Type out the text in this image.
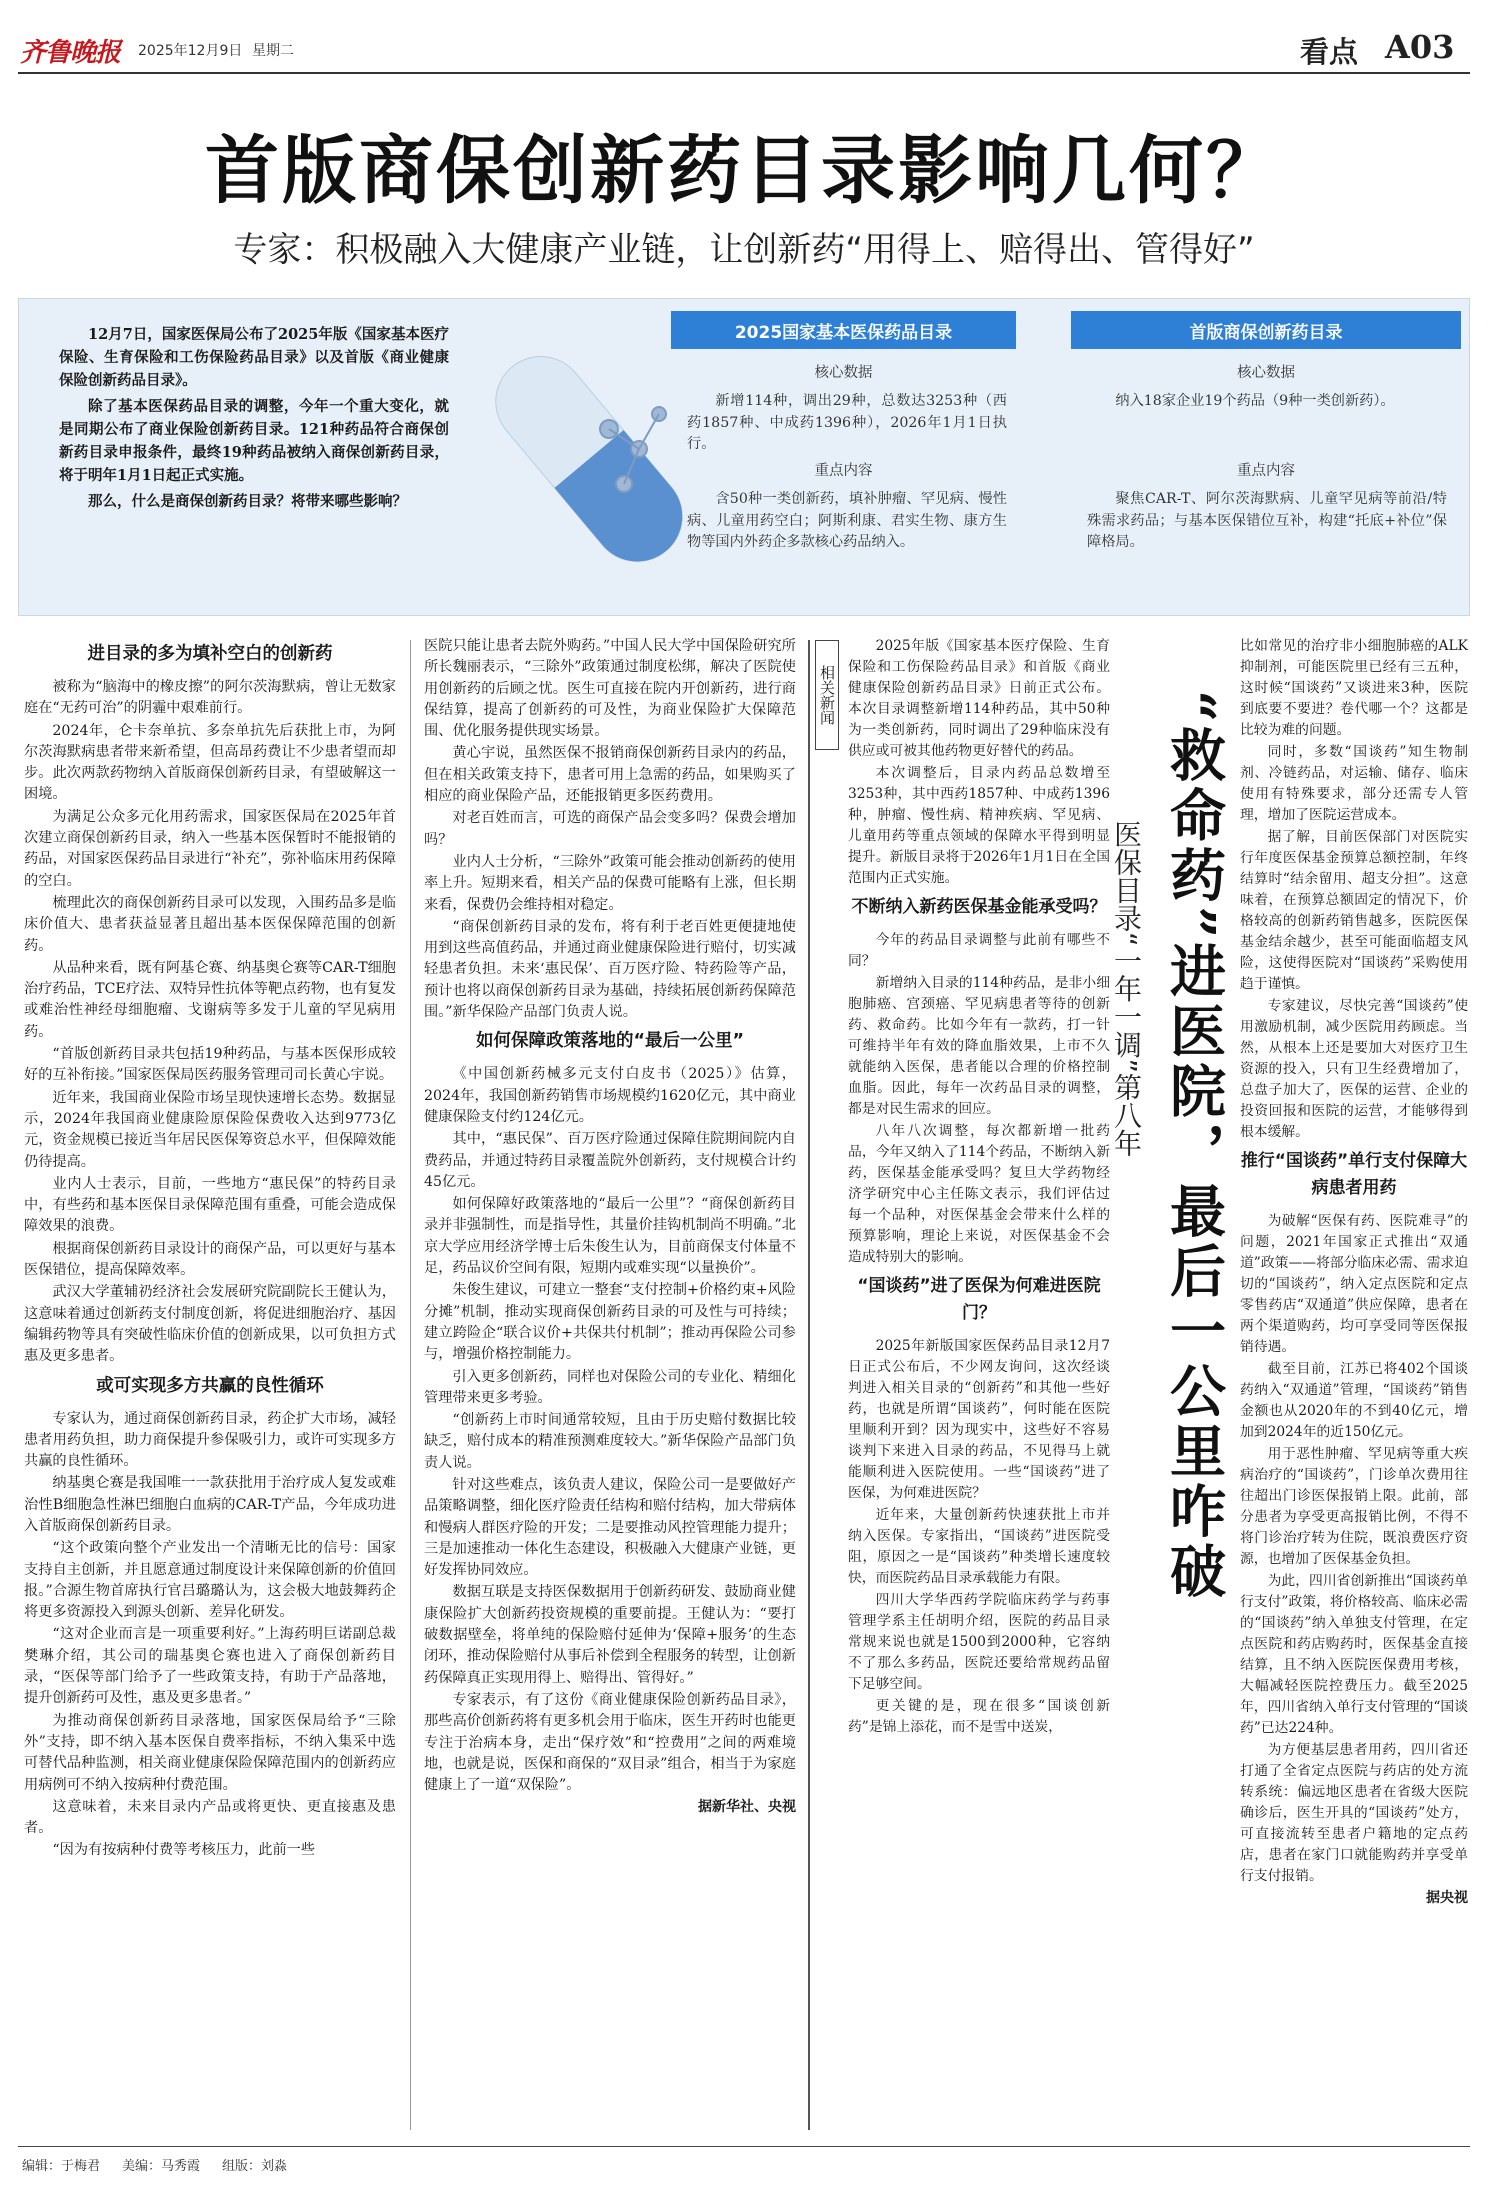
齐鲁晚报 2025年12月9日 星期二	看点 A03
首版商保创新药目录影响几何？
专家：积极融入大健康产业链，让创新药“用得上、赔得出、管得好”

12月7日，国家医保局公布了2025年版《国家基本医疗保险、生育保险和工伤保险药品目录》以及首版《商业健康保险创新药品目录》。

除了基本医保药品目录的调整，今年一个重大变化，就是同期公布了商业保险创新药目录。121种药品符合商保创新药目录申报条件，最终19种药品被纳入商保创新药目录，将于明年1月1日起正式实施。

那么，什么是商保创新药目录？将带来哪些影响？

2025国家基本医保药品目录
核心数据
新增114种，调出29种，总数达3253种（西药1857种、中成药1396种），2026年1月1日执行。
重点内容
含50种一类创新药，填补肿瘤、罕见病、慢性病、儿童用药空白；阿斯利康、君实生物、康方生物等国内外药企多款核心药品纳入。
首版商保创新药目录
核心数据
纳入18家企业19个药品（9种一类创新药）。
重点内容
聚焦CAR-T、阿尔茨海默病、儿童罕见病等前沿/特殊需求药品；与基本医保错位互补，构建“托底+补位”保障格局。
进目录的多为填补空白的创新药

被称为“脑海中的橡皮擦”的阿尔茨海默病，曾让无数家庭在“无药可治”的阴霾中艰难前行。

2024年，仑卡奈单抗、多奈单抗先后获批上市，为阿尔茨海默病患者带来新希望，但高昂药费让不少患者望而却步。此次两款药物纳入首版商保创新药目录，有望破解这一困境。

为满足公众多元化用药需求，国家医保局在2025年首次建立商保创新药目录，纳入一些基本医保暂时不能报销的药品，对国家医保药品目录进行“补充”，弥补临床用药保障的空白。

梳理此次的商保创新药目录可以发现，入围药品多是临床价值大、患者获益显著且超出基本医保保障范围的创新药。

从品种来看，既有阿基仑赛、纳基奥仑赛等CAR-T细胞治疗药品，TCE疗法、双特异性抗体等靶点药物，也有复发或难治性神经母细胞瘤、戈谢病等多发于儿童的罕见病用药。

“首版创新药目录共包括19种药品，与基本医保形成较好的互补衔接。”国家医保局医药服务管理司司长黄心宇说。

近年来，我国商业保险市场呈现快速增长态势。数据显示，2024年我国商业健康险原保险保费收入达到9773亿元，资金规模已接近当年居民医保筹资总水平，但保障效能仍待提高。

业内人士表示，目前，一些地方“惠民保”的特药目录中，有些药和基本医保目录保障范围有重叠，可能会造成保障效果的浪费。

根据商保创新药目录设计的商保产品，可以更好与基本医保错位，提高保障效率。

武汉大学董辅礽经济社会发展研究院副院长王健认为，这意味着通过创新药支付制度创新，将促进细胞治疗、基因编辑药物等具有突破性临床价值的创新成果，以可负担方式惠及更多患者。

或可实现多方共赢的良性循环

专家认为，通过商保创新药目录，药企扩大市场，减轻患者用药负担，助力商保提升参保吸引力，或许可实现多方共赢的良性循环。

纳基奥仑赛是我国唯一一款获批用于治疗成人复发或难治性B细胞急性淋巴细胞白血病的CAR-T产品，今年成功进入首版商保创新药目录。

“这个政策向整个产业发出一个清晰无比的信号：国家支持自主创新，并且愿意通过制度设计来保障创新的价值回报。”合源生物首席执行官吕璐璐认为，这会极大地鼓舞药企将更多资源投入到源头创新、差异化研发。

“这对企业而言是一项重要利好。”上海药明巨诺副总裁樊琳介绍，其公司的瑞基奥仑赛也进入了商保创新药目录，“医保等部门给予了一些政策支持，有助于产品落地，提升创新药可及性，惠及更多患者。”

为推动商保创新药目录落地，国家医保局给予“三除外”支持，即不纳入基本医保自费率指标，不纳入集采中选可替代品种监测，相关商业健康保险保障范围内的创新药应用病例可不纳入按病种付费范围。

这意味着，未来目录内产品或将更快、更直接惠及患者。

“因为有按病种付费等考核压力，此前一些

医院只能让患者去院外购药。”中国人民大学中国保险研究所所长魏丽表示，“三除外”政策通过制度松绑，解决了医院使用创新药的后顾之忧。医生可直接在院内开创新药，进行商保结算，提高了创新药的可及性，为商业保险扩大保障范围、优化服务提供现实场景。

黄心宇说，虽然医保不报销商保创新药目录内的药品，但在相关政策支持下，患者可用上急需的药品，如果购买了相应的商业保险产品，还能报销更多医药费用。

对老百姓而言，可选的商保产品会变多吗？保费会增加吗？

业内人士分析，“三除外”政策可能会推动创新药的使用率上升。短期来看，相关产品的保费可能略有上涨，但长期来看，保费仍会维持相对稳定。

“商保创新药目录的发布，将有利于老百姓更便捷地使用到这些高值药品，并通过商业健康保险进行赔付，切实减轻患者负担。未来‘惠民保’、百万医疗险、特药险等产品，预计也将以商保创新药目录为基础，持续拓展创新药保障范围。”新华保险产品部门负责人说。

如何保障政策落地的“最后一公里”

《中国创新药械多元支付白皮书（2025）》估算，2024年，我国创新药销售市场规模约1620亿元，其中商业健康保险支付约124亿元。

其中，“惠民保”、百万医疗险通过保障住院期间院内自费药品，并通过特药目录覆盖院外创新药，支付规模合计约45亿元。

如何保障好政策落地的“最后一公里”？“商保创新药目录并非强制性，而是指导性，其量价挂钩机制尚不明确。”北京大学应用经济学博士后朱俊生认为，目前商保支付体量不足，药品议价空间有限，短期内或难实现“以量换价”。

朱俊生建议，可建立一整套“支付控制+价格约束+风险分摊”机制，推动实现商保创新药目录的可及性与可持续；建立跨险企“联合议价+共保共付机制”；推动再保险公司参与，增强价格控制能力。

引入更多创新药，同样也对保险公司的专业化、精细化管理带来更多考验。

“创新药上市时间通常较短，且由于历史赔付数据比较缺乏，赔付成本的精准预测难度较大。”新华保险产品部门负责人说。

针对这些难点，该负责人建议，保险公司一是要做好产品策略调整，细化医疗险责任结构和赔付结构，加大带病体和慢病人群医疗险的开发；二是要推动风控管理能力提升；三是加速推动一体化生态建设，积极融入大健康产业链，更好发挥协同效应。

数据互联是支持医保数据用于创新药研发、鼓励商业健康保险扩大创新药投资规模的重要前提。王健认为：“要打破数据壁垒，将单纯的保险赔付延伸为‘保障+服务’的生态闭环，推动保险赔付从事后补偿到全程服务的转型，让创新药保障真正实现用得上、赔得出、管得好。”

专家表示，有了这份《商业健康保险创新药品目录》，那些高价创新药将有更多机会用于临床，医生开药时也能更专注于治病本身，走出“保疗效”和“控费用”之间的两难境地，也就是说，医保和商保的“双目录”组合，相当于为家庭健康上了一道“双保险”。

据新华社、央视
相关新闻

2025年版《国家基本医疗保险、生育保险和工伤保险药品目录》和首版《商业健康保险创新药品目录》日前正式公布。本次目录调整新增114种药品，其中50种为一类创新药，同时调出了29种临床没有供应或可被其他药物更好替代的药品。

本次调整后，目录内药品总数增至3253种，其中西药1857种、中成药1396种，肿瘤、慢性病、精神疾病、罕见病、儿童用药等重点领域的保障水平得到明显提升。新版目录将于2026年1月1日在全国范围内正式实施。

不断纳入新药医保基金能承受吗？

今年的药品目录调整与此前有哪些不同？

新增纳入目录的114种药品，是非小细胞肺癌、宫颈癌、罕见病患者等待的创新药、救命药。比如今年有一款药，打一针可维持半年有效的降血脂效果，上市不久就能纳入医保，患者能以合理的价格控制血脂。因此，每年一次药品目录的调整，都是对民生需求的回应。

八年八次调整，每次都新增一批药品，今年又纳入了114个药品，不断纳入新药，医保基金能承受吗？复旦大学药物经济学研究中心主任陈文表示，我们评估过每一个品种，对医保基金会带来什么样的预算影响，理论上来说，对医保基金不会造成特别大的影响。

“国谈药”进了医保为何难进医院门？

2025年新版国家医保药品目录12月7日正式公布后，不少网友询问，这次经谈判进入相关目录的“创新药”和其他一些好药，也就是所谓“国谈药”，何时能在医院里顺利开到？因为现实中，这些好不容易谈判下来进入目录的药品，不见得马上就能顺利进入医院使用。一些“国谈药”进了医保，为何难进医院？

近年来，大量创新药快速获批上市并纳入医保。专家指出，“国谈药”进医院受阻，原因之一是“国谈药”种类增长速度较快，而医院药品目录承载能力有限。

四川大学华西药学院临床药学与药事管理学系主任胡明介绍，医院的药品目录常规来说也就是1500到2000种，它容纳不了那么多药品，医院还要给常规药品留下足够空间。

更关键的是，现在很多“国谈创新药”是锦上添花，而不是雪中送炭，

“救命药”进医院，最后一公里咋破
医保目录“一年一调”第八年

比如常见的治疗非小细胞肺癌的ALK抑制剂，可能医院里已经有三五种，这时候“国谈药”又谈进来3种，医院到底要不要进？卷代哪一个？这都是比较为难的问题。

同时，多数“国谈药”知生物制剂、冷链药品，对运输、储存、临床使用有特殊要求，部分还需专人管理，增加了医院运营成本。

据了解，目前医保部门对医院实行年度医保基金预算总额控制，年终结算时“结余留用、超支分担”。这意味着，在预算总额固定的情况下，价格较高的创新药销售越多，医院医保基金结余越少，甚至可能面临超支风险，这使得医院对“国谈药”采购使用趋于谨慎。

专家建议，尽快完善“国谈药”使用激励机制，减少医院用药顾虑。当然，从根本上还是要加大对医疗卫生资源的投入，只有卫生经费增加了，总盘子加大了，医保的运营、企业的投资回报和医院的运营，才能够得到根本缓解。

推行“国谈药”单行支付保障大病患者用药

为破解“医保有药、医院难寻”的问题，2021年国家正式推出“双通道”政策——将部分临床必需、需求迫切的“国谈药”，纳入定点医院和定点零售药店“双通道”供应保障，患者在两个渠道购药，均可享受同等医保报销待遇。

截至目前，江苏已将402个国谈药纳入“双通道”管理，“国谈药”销售金额也从2020年的不到40亿元，增加到2024年的近150亿元。

用于恶性肿瘤、罕见病等重大疾病治疗的“国谈药”，门诊单次费用往往超出门诊医保报销上限。此前，部分患者为享受更高报销比例，不得不将门诊治疗转为住院，既浪费医疗资源，也增加了医保基金负担。

为此，四川省创新推出“国谈药单行支付”政策，将价格较高、临床必需的“国谈药”纳入单独支付管理，在定点医院和药店购药时，医保基金直接结算，且不纳入医院医保费用考核，大幅减轻医院控费压力。截至2025年，四川省纳入单行支付管理的“国谈药”已达224种。

为方便基层患者用药，四川省还打通了全省定点医院与药店的处方流转系统：偏远地区患者在省级大医院确诊后，医生开具的“国谈药”处方，可直接流转至患者户籍地的定点药店，患者在家门口就能购药并享受单行支付报销。

据央视
编辑：于梅君 美编：马秀霞 组版：刘淼
